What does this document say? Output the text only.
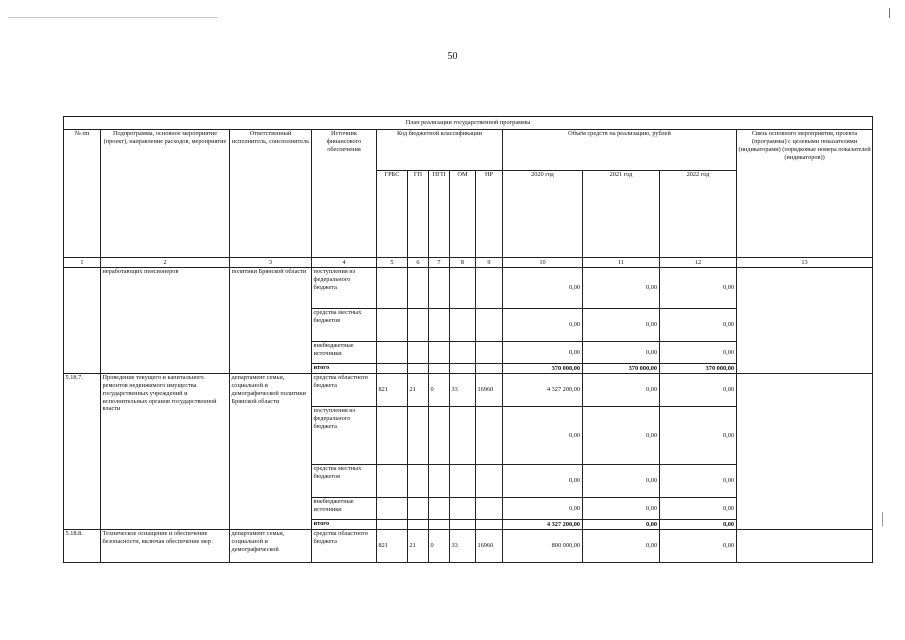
50
План реализации государственной программы												
№ пп	Подпрограмма, основное мероприятие (проект), направление расходов, мероприятие	Ответственный исполнитель, соисполнитель	Источник финансового обеспечения	Код бюджетной классификации					Объём средств на реализацию, рублей			Связь основного мероприятия, проекта (программы) с целевыми показателями (индикаторами) (порядковые номера показателей (индикаторов))
				ГРБС	ГП	ПГП	ОМ	НР	2020 год	2021 год	2022 год	
1	2	3	4	5	6	7	8	9	10	11	12	13
	неработающих пенсионеров	политики Брянской области	поступления из федерального бюджета						0,00	0,00	0,00	
			средства местных бюджетов						0,00	0,00	0,00	
			внебюджетные источники						0,00	0,00	0,00	
			итого						370 000,00	370 000,00	370 000,00	
5.18.7.	Проведение текущего и капитального ремонтов недвижимого имущества государственных учреждений и исполнительных органов государственной власти	департамент семьи, социальной и демографической политики Брянской области	средства областного бюджета	821	21	0	33	16960	4 327 200,00	0,00	0,00	
			поступления из федерального бюджета						0,00	0,00	0,00	
			средства местных бюджетов						0,00	0,00	0,00	
			внебюджетные источники						0,00	0,00	0,00	
			итого						4 327 200,00	0,00	0,00	
5.18.8.	Техническое оснащение и обеспечение безопасности, включая обеспечение мер	департамент семьи, социальной и демографической	средства областного бюджета	821	21	0	33	16960	800 000,00	0,00	0,00	
